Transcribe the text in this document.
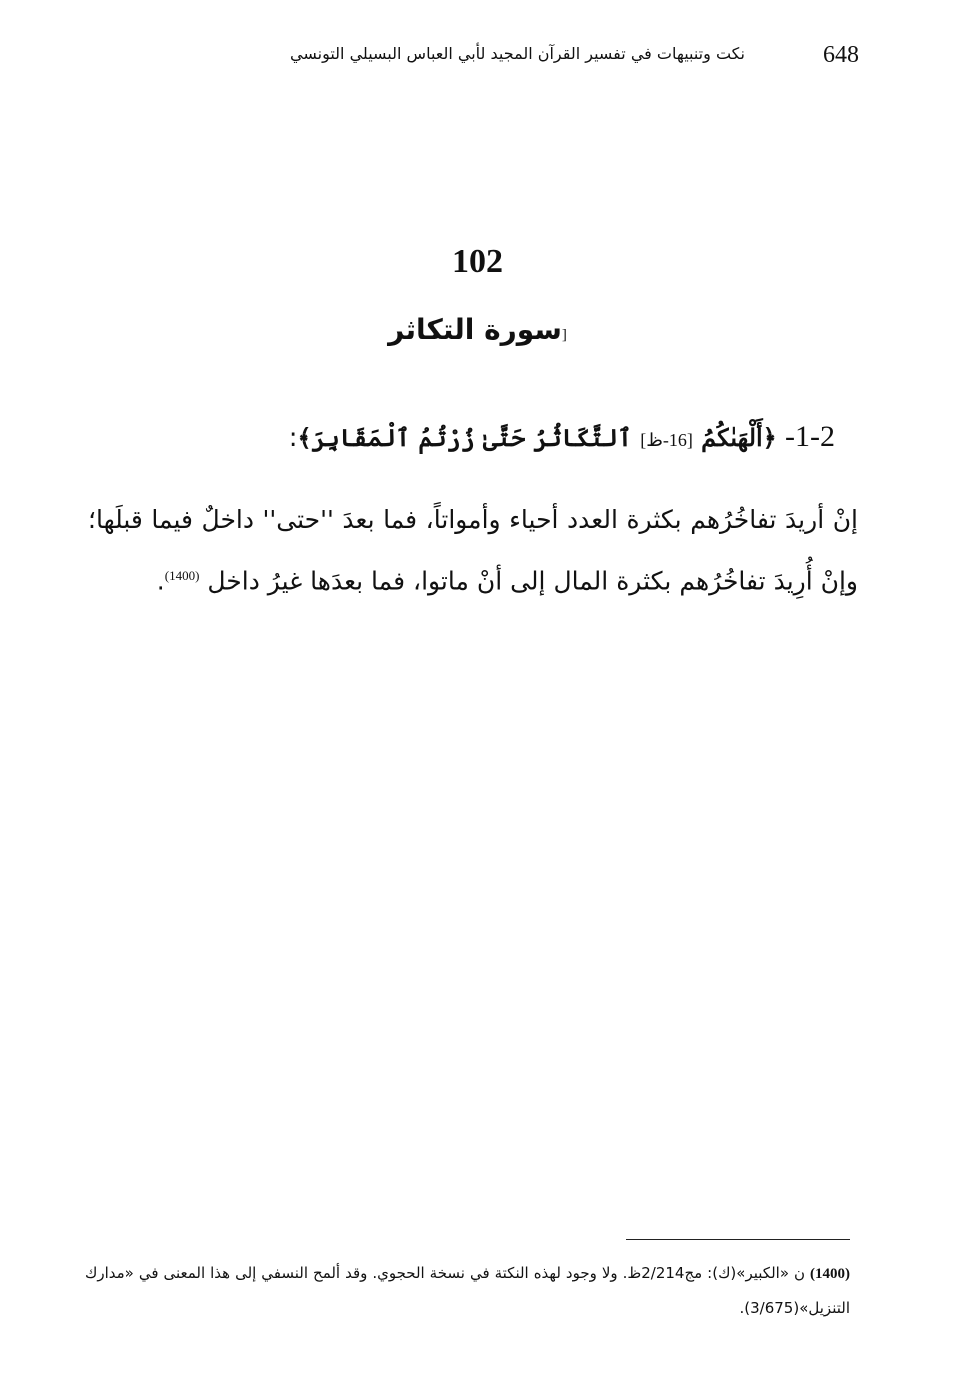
648
نكت وتنبيهات في تفسير القرآن المجيد لأبي العباس البسيلي التونسي
102
[سورة التكاثر
1-2- ﴿أَلْهَىٰكُمُ [16-ظ] ٱلتَّكَاثُرُ حَتَّىٰ زُرْتُمُ ٱلْمَقَابِرَ﴾:
إنْ أريدَ تفاخُرُهم بكثرة العدد أحياء وأمواتاً، فما بعدَ ''حتى'' داخلٌ فيما قبلَها؛ وإنْ أُرِيدَ تفاخُرُهم بكثرة المال إلى أنْ ماتوا، فما بعدَها غيرُ داخل $^{(1400)}$.
(1400) ن «الكبير»(ك): مج2/214ظ. ولا وجود لهذه النكتة في نسخة الحجوي. وقد ألمح النسفي إلى هذا المعنى في «مدارك التنزيل»(3/675).
